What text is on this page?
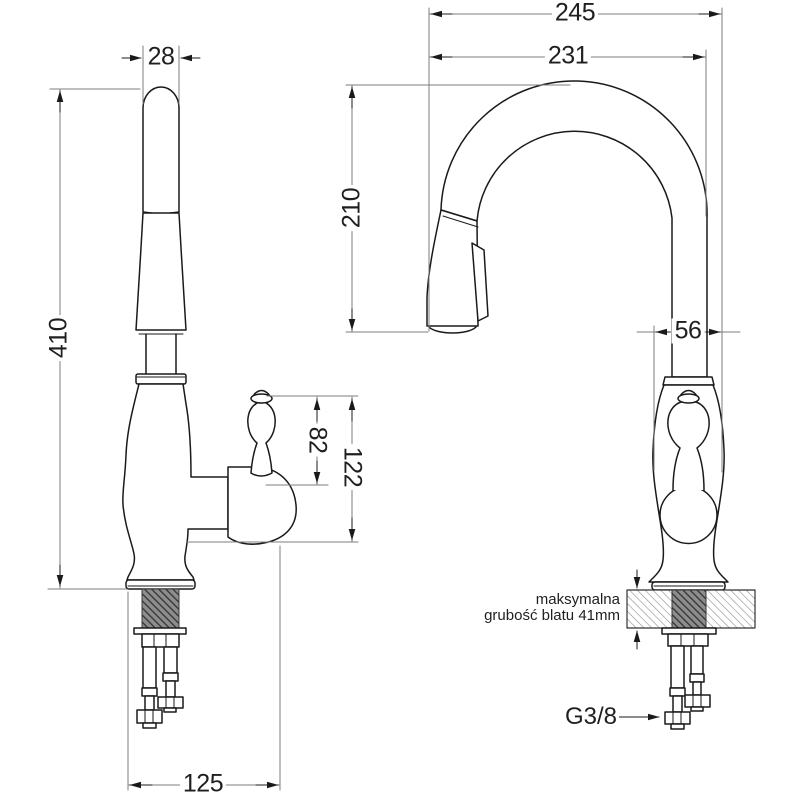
28
410
82
122
125
245
231
210
56
G3/8
maksymalna
grubość blatu 41mm
